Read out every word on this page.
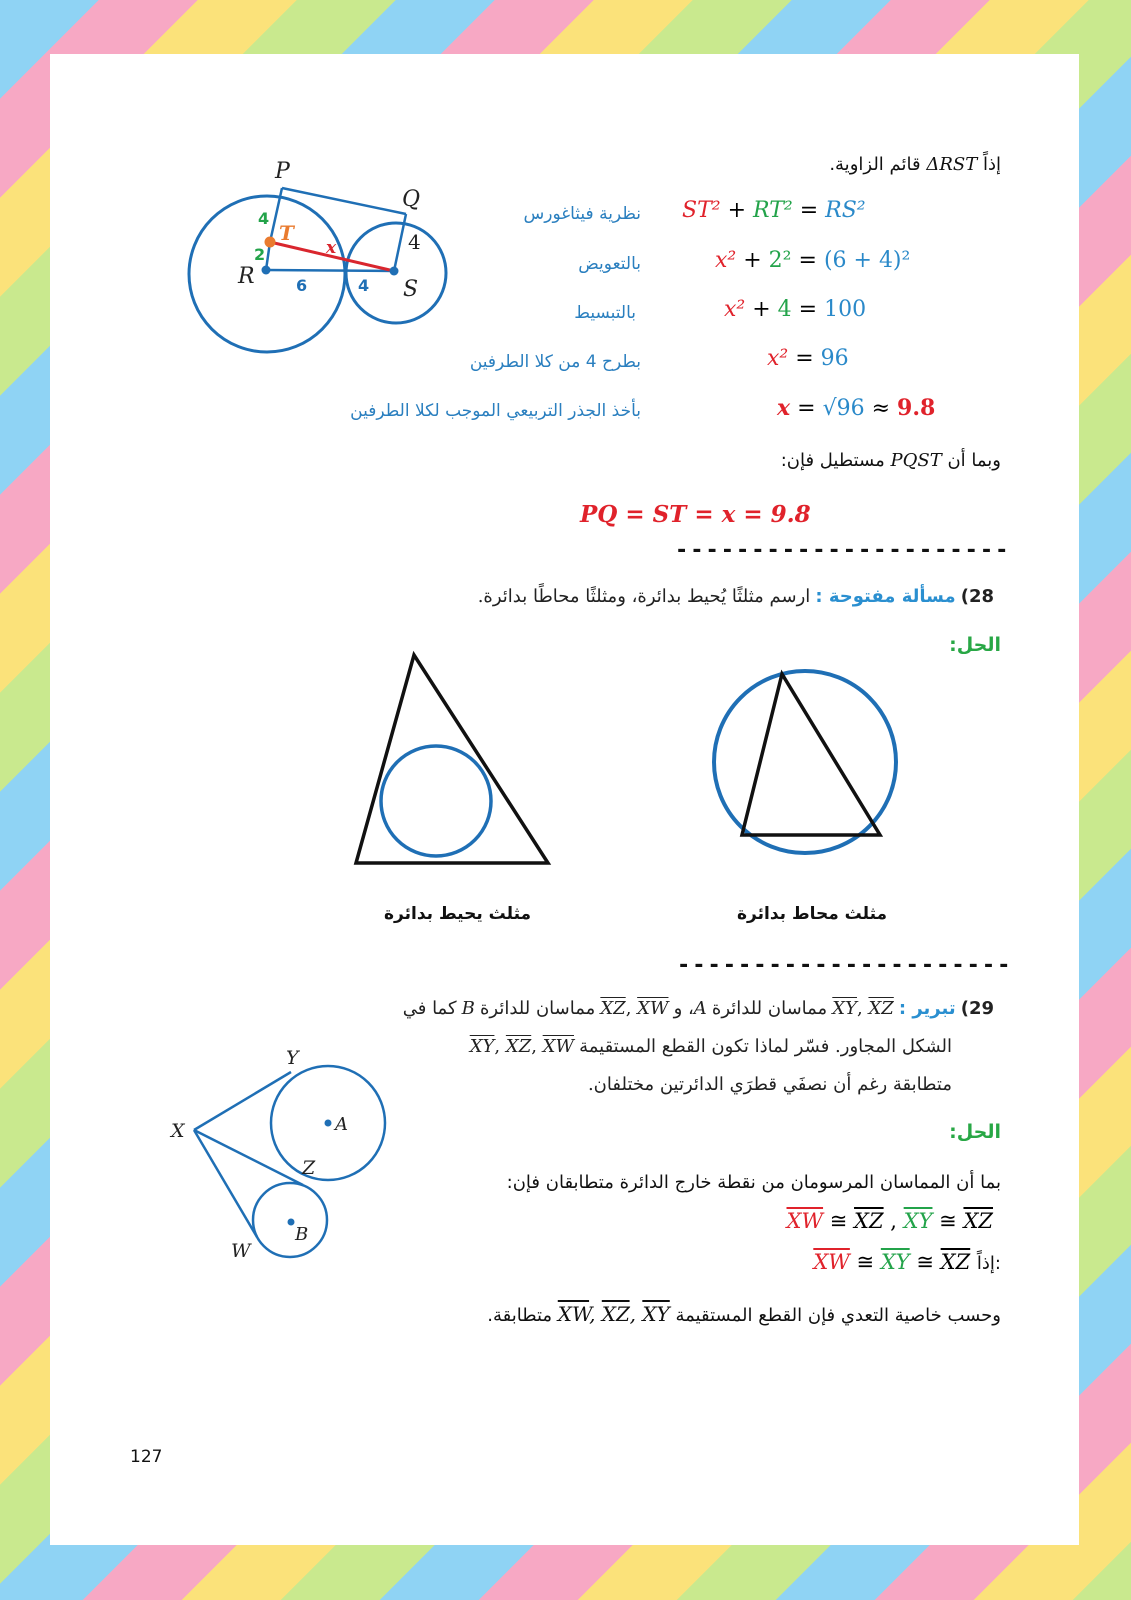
P
Q
R
S
T
x
4
2
6	4
4
إذاً ΔRST قائم الزاوية.
ST² + RT² = RS²
x² + 2² = (6 + 4)²
x² + 4 = 100
x² = 96
x = √96 ≈ 9.8
نظرية فيثاغورس
بالتعويض
بالتبسيط
بطرح 4 من كلا الطرفين
بأخذ الجذر التربيعي الموجب لكلا الطرفين
وبما أن PQST مستطيل فإن:
PQ = ST = x = 9.8
----------------------
28) مسألة مفتوحة : ارسم مثلثًا يُحيط بدائرة، ومثلثًا محاطًا بدائرة.
الحل:
مثلث يحيط بدائرة	مثلث محاط بدائرة
----------------------
29) تبرير : $\overline{XY}$, $\overline{XZ}$ مماسان للدائرة A، و $\overline{XZ}$, $\overline{XW}$ مماسان للدائرة B كما في
الشكل المجاور. فسّر لماذا تكون القطع المستقيمة $\overline{XY}$, $\overline{XZ}$, $\overline{XW}$
متطابقة رغم أن نصفَي قطرَي الدائرتين مختلفان.
الحل:
X
Y
Z
W
A
B
بما أن المماسان المرسومان من نقطة خارج الدائرة متطابقان فإن:
$\overline{XW}$ ≅ $\overline{XZ}$ , $\overline{XY}$ ≅ $\overline{XZ}$
$\overline{XW}$ ≅ $\overline{XY}$ ≅ $\overline{XZ}$ إذاً:
وحسب خاصية التعدي فإن القطع المستقيمة $\overline{XW}$, $\overline{XZ}$, $\overline{XY}$ متطابقة.
127
